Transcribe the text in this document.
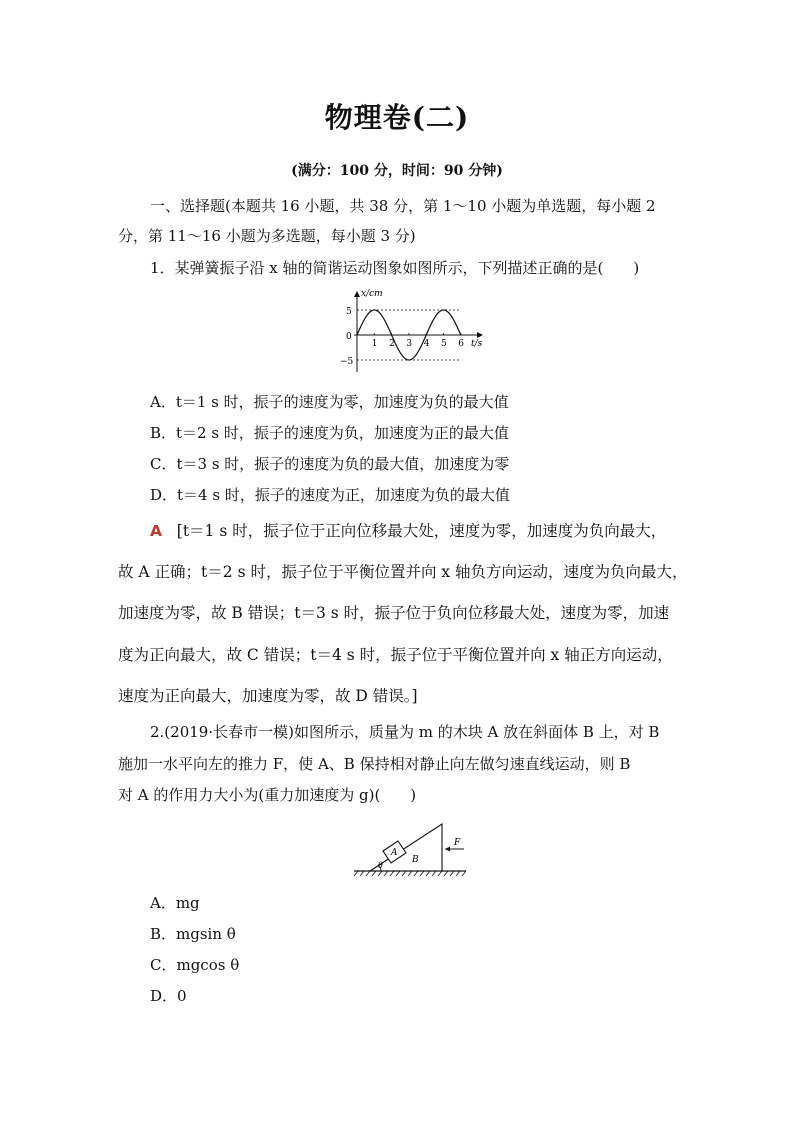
物理卷(二)
(满分：100 分，时间：90 分钟)
一、选择题(本题共 16 小题，共 38 分，第 1～10 小题为单选题，每小题 2
分，第 11～16 小题为多选题，每小题 3 分)
1．某弹簧振子沿 x 轴的简谐运动图象如图所示，下列描述正确的是(　　)
1 2 3 4 5 6
x/cm
t/s
5
0
−5
A．t＝1 s 时，振子的速度为零，加速度为负的最大值
B．t＝2 s 时，振子的速度为负，加速度为正的最大值
C．t＝3 s 时，振子的速度为负的最大值，加速度为零
D．t＝4 s 时，振子的速度为正，加速度为负的最大值
A [t＝1 s 时，振子位于正向位移最大处，速度为零，加速度为负向最大，
故 A 正确；t＝2 s 时，振子位于平衡位置并向 x 轴负方向运动，速度为负向最大，
加速度为零，故 B 错误；t＝3 s 时，振子位于负向位移最大处，速度为零，加速
度为正向最大，故 C 错误；t＝4 s 时，振子位于平衡位置并向 x 轴正方向运动，
速度为正向最大，加速度为零，故 D 错误。]
2.(2019·长春市一模)如图所示，质量为 m 的木块 A 放在斜面体 B 上，对 B
施加一水平向左的推力 F，使 A、B 保持相对静止向左做匀速直线运动，则 B
对 A 的作用力大小为(重力加速度为 g)(　　)
A
B
θ
F
A．mg
B．mgsin θ
C．mgcos θ
D．0
